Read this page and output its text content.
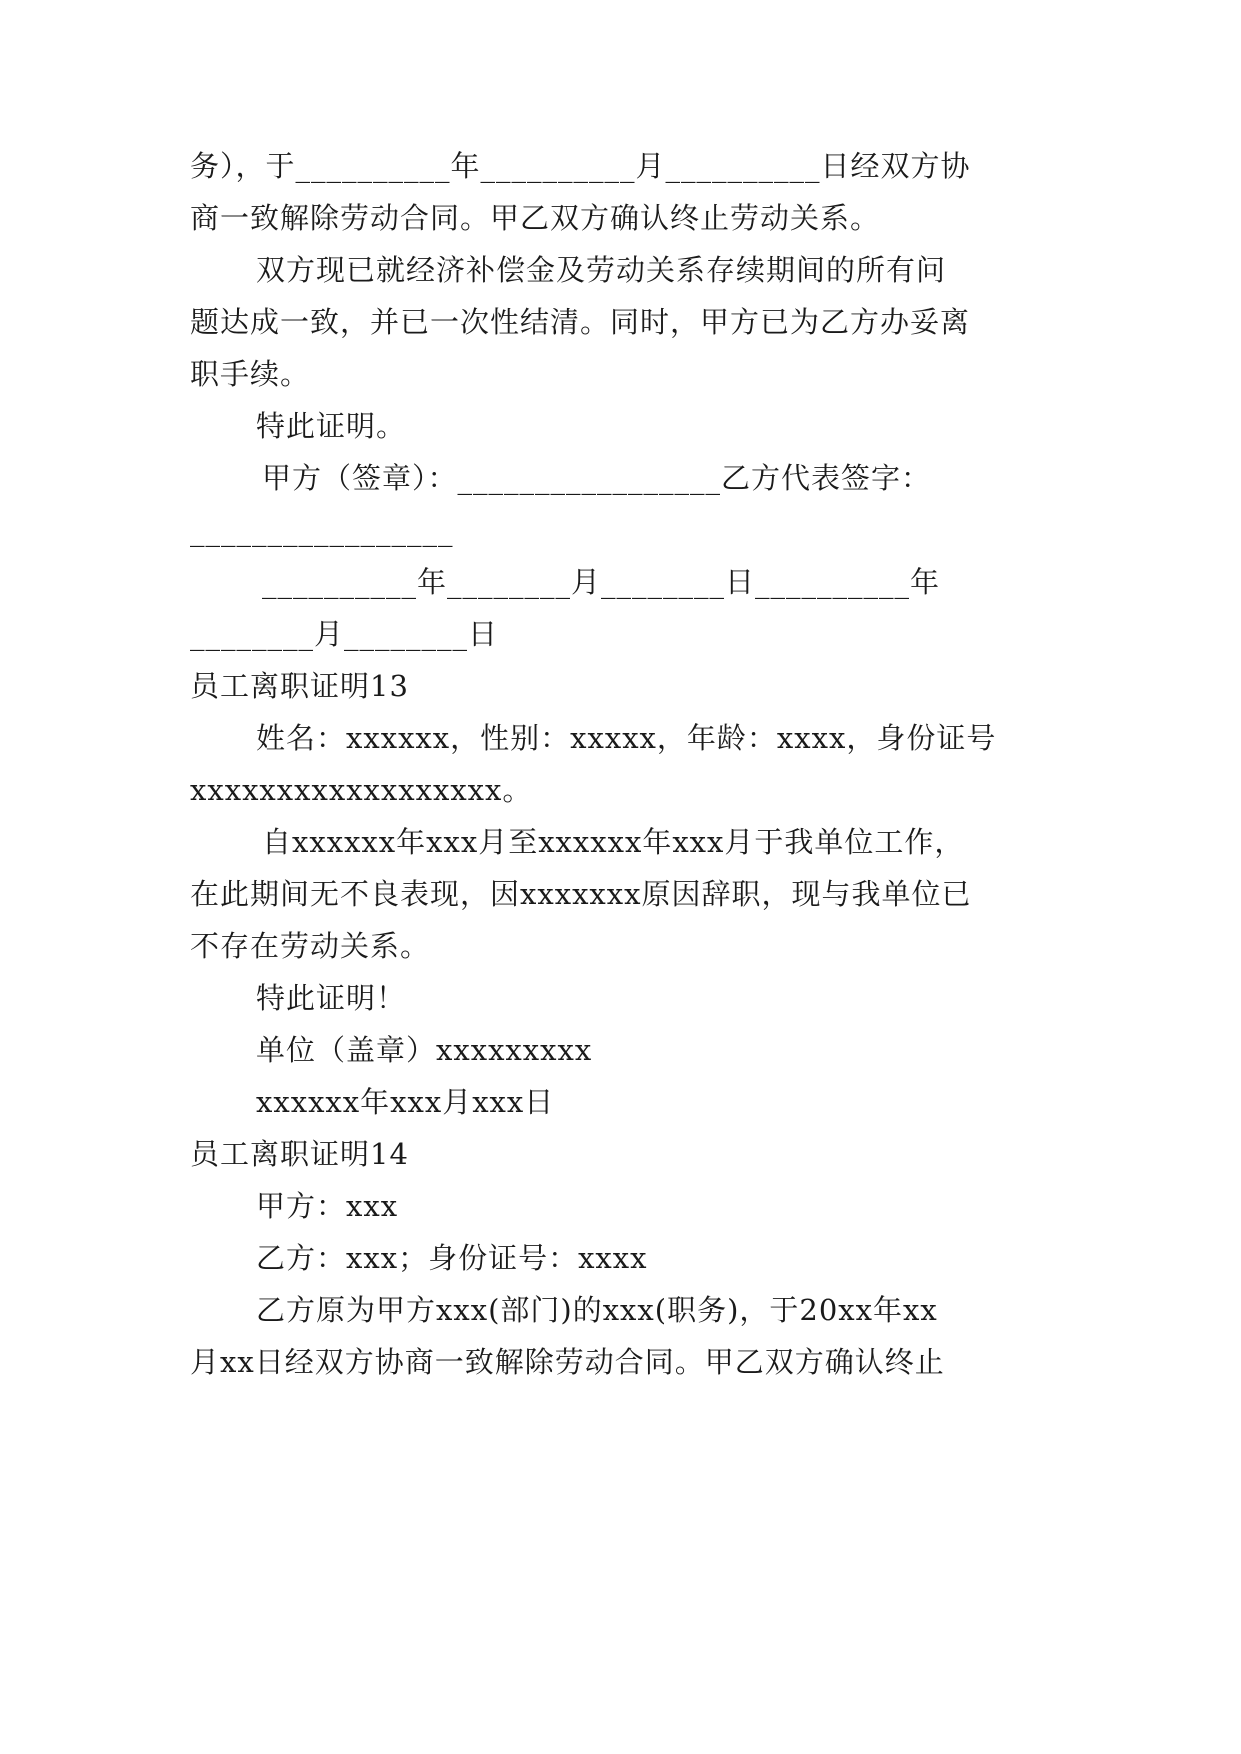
务），于__________年__________月__________日经双方协
商一致解除劳动合同。甲乙双方确认终止劳动关系。
双方现已就经济补偿金及劳动关系存续期间的所有问
题达成一致，并已一次性结清。同时，甲方已为乙方办妥离
职手续。
特此证明。
甲方（签章）：_________________乙方代表签字：
_________________
__________年________月________日__________年
________月________日
员工离职证明13
姓名：xxxxxx，性别：xxxxx，年龄：xxxx，身份证号
xxxxxxxxxxxxxxxxxx。
自xxxxxx年xxx月至xxxxxx年xxx月于我单位工作，
在此期间无不良表现，因xxxxxxx原因辞职，现与我单位已
不存在劳动关系。
特此证明！
单位（盖章）xxxxxxxxx
xxxxxx年xxx月xxx日
员工离职证明14
甲方：xxx
乙方：xxx；身份证号：xxxx
乙方原为甲方xxx(部门)的xxx(职务)，于20xx年xx
月xx日经双方协商一致解除劳动合同。甲乙双方确认终止
